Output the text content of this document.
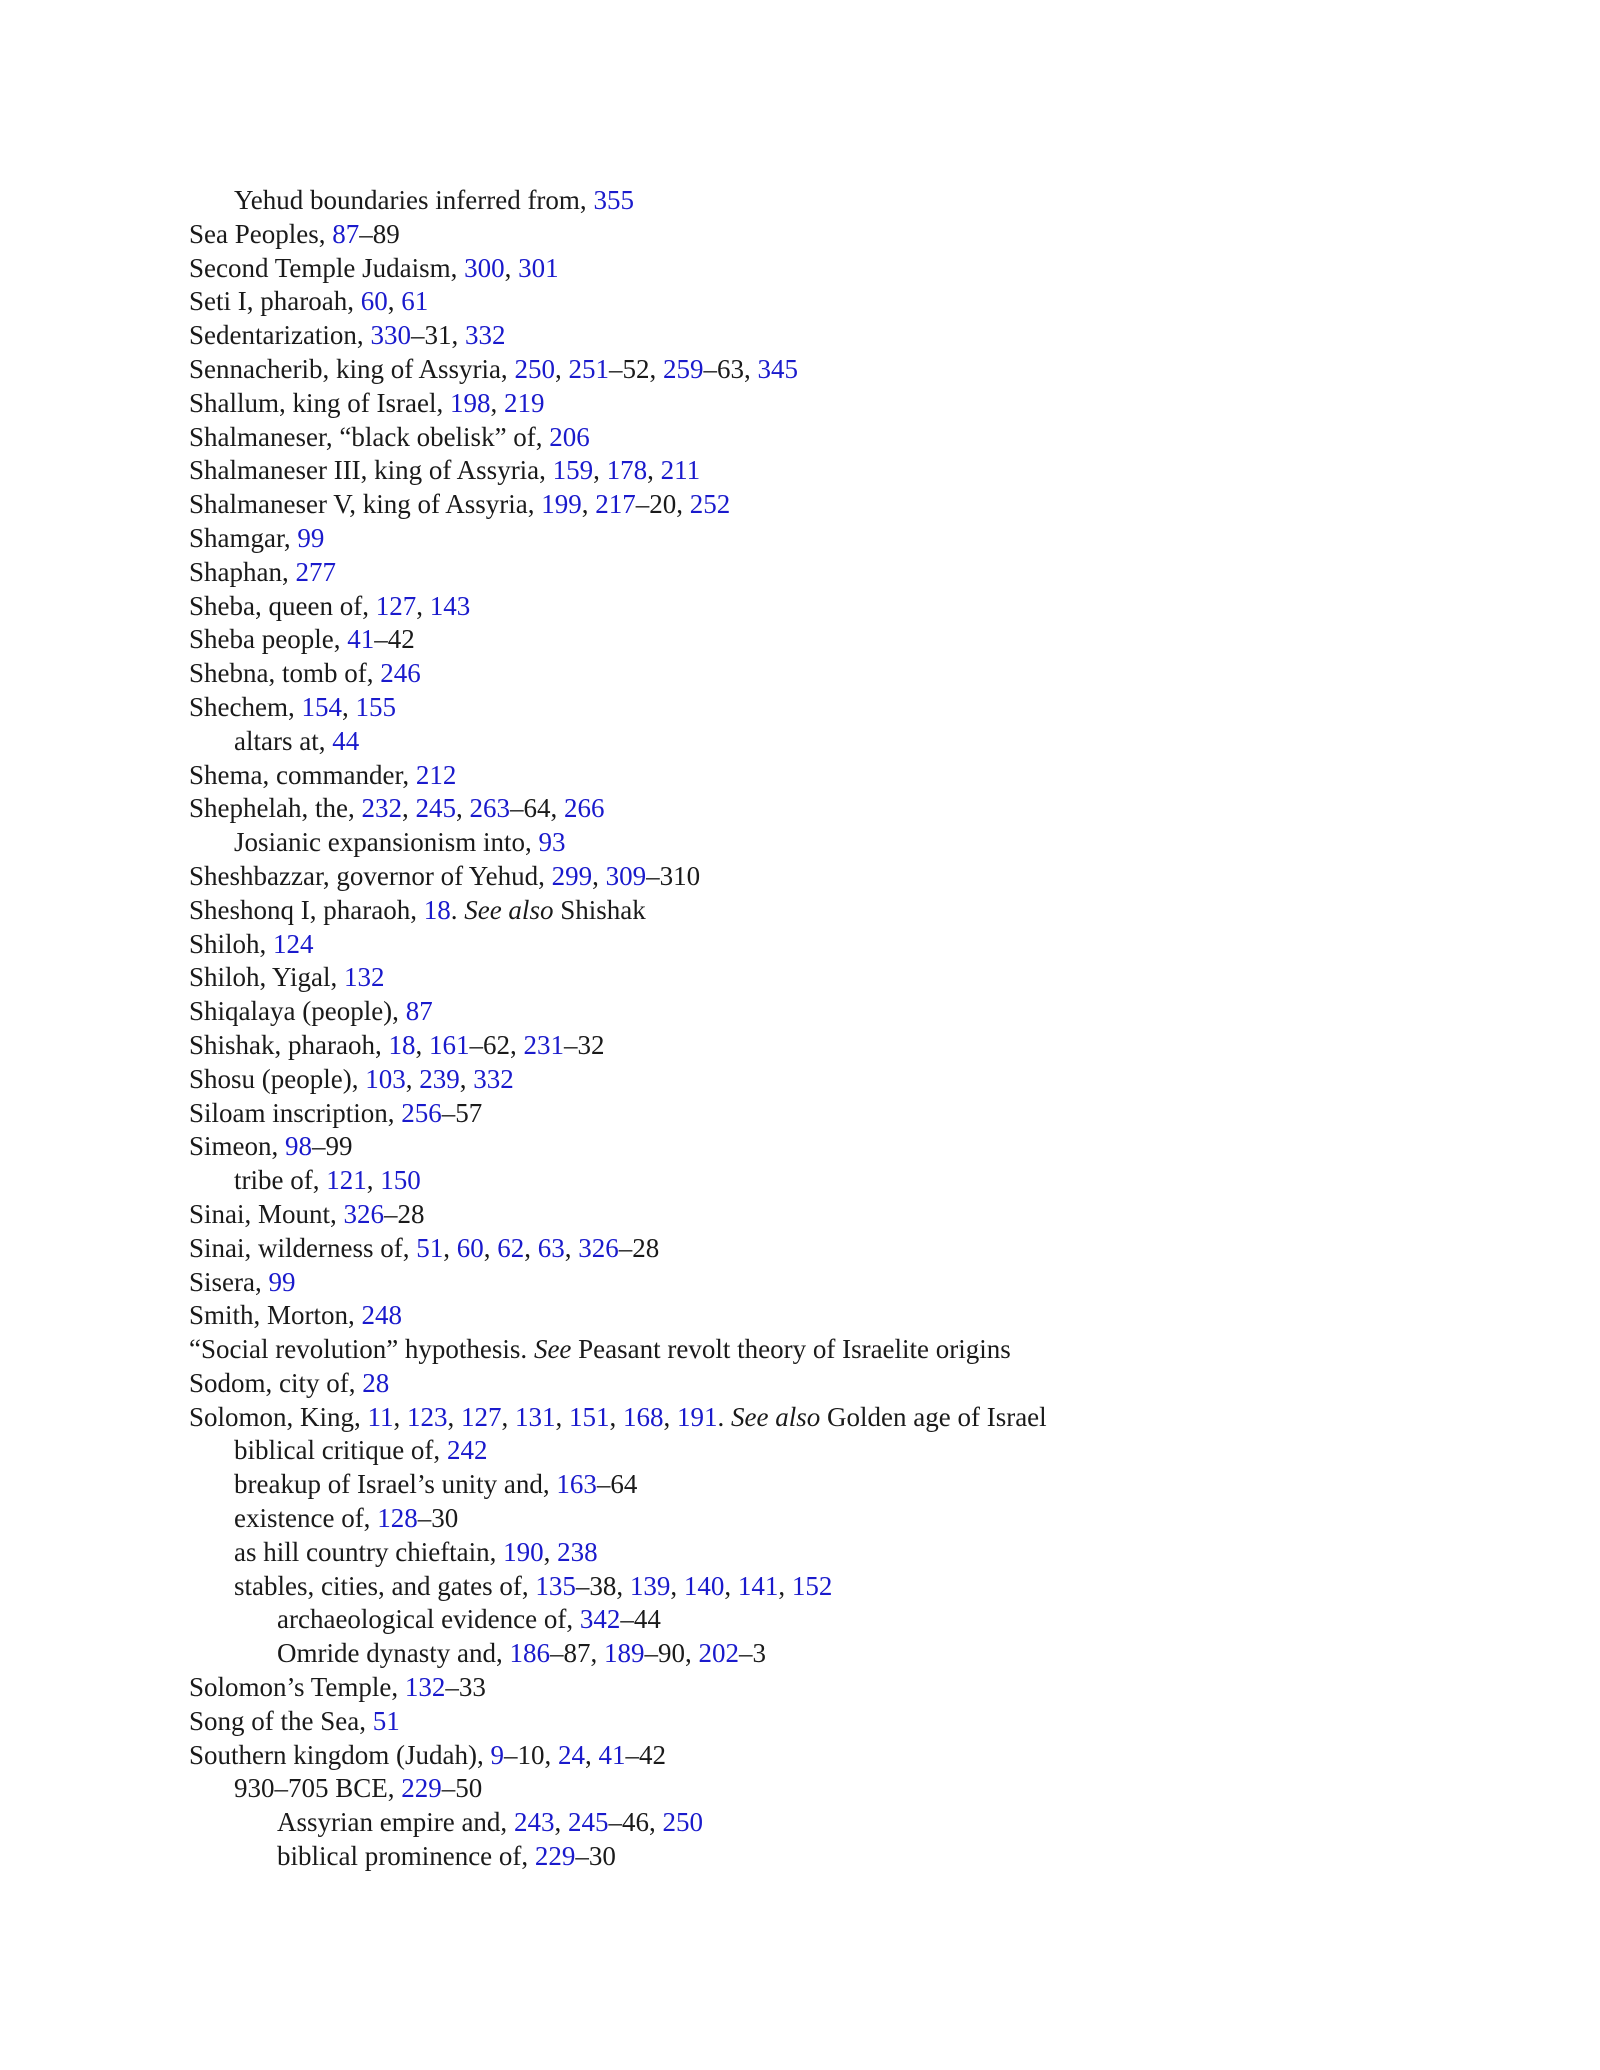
Yehud boundaries inferred from, 355
Sea Peoples, 87–89
Second Temple Judaism, 300, 301
Seti I, pharoah, 60, 61
Sedentarization, 330–31, 332
Sennacherib, king of Assyria, 250, 251–52, 259–63, 345
Shallum, king of Israel, 198, 219
Shalmaneser, “black obelisk” of, 206
Shalmaneser III, king of Assyria, 159, 178, 211
Shalmaneser V, king of Assyria, 199, 217–20, 252
Shamgar, 99
Shaphan, 277
Sheba, queen of, 127, 143
Sheba people, 41–42
Shebna, tomb of, 246
Shechem, 154, 155
altars at, 44
Shema, commander, 212
Shephelah, the, 232, 245, 263–64, 266
Josianic expansionism into, 93
Sheshbazzar, governor of Yehud, 299, 309–310
Sheshonq I, pharaoh, 18. See also Shishak
Shiloh, 124
Shiloh, Yigal, 132
Shiqalaya (people), 87
Shishak, pharaoh, 18, 161–62, 231–32
Shosu (people), 103, 239, 332
Siloam inscription, 256–57
Simeon, 98–99
tribe of, 121, 150
Sinai, Mount, 326–28
Sinai, wilderness of, 51, 60, 62, 63, 326–28
Sisera, 99
Smith, Morton, 248
“Social revolution” hypothesis. See Peasant revolt theory of Israelite origins
Sodom, city of, 28
Solomon, King, 11, 123, 127, 131, 151, 168, 191. See also Golden age of Israel
biblical critique of, 242
breakup of Israel’s unity and, 163–64
existence of, 128–30
as hill country chieftain, 190, 238
stables, cities, and gates of, 135–38, 139, 140, 141, 152
archaeological evidence of, 342–44
Omride dynasty and, 186–87, 189–90, 202–3
Solomon’s Temple, 132–33
Song of the Sea, 51
Southern kingdom (Judah), 9–10, 24, 41–42
930–705 BCE, 229–50
Assyrian empire and, 243, 245–46, 250
biblical prominence of, 229–30
